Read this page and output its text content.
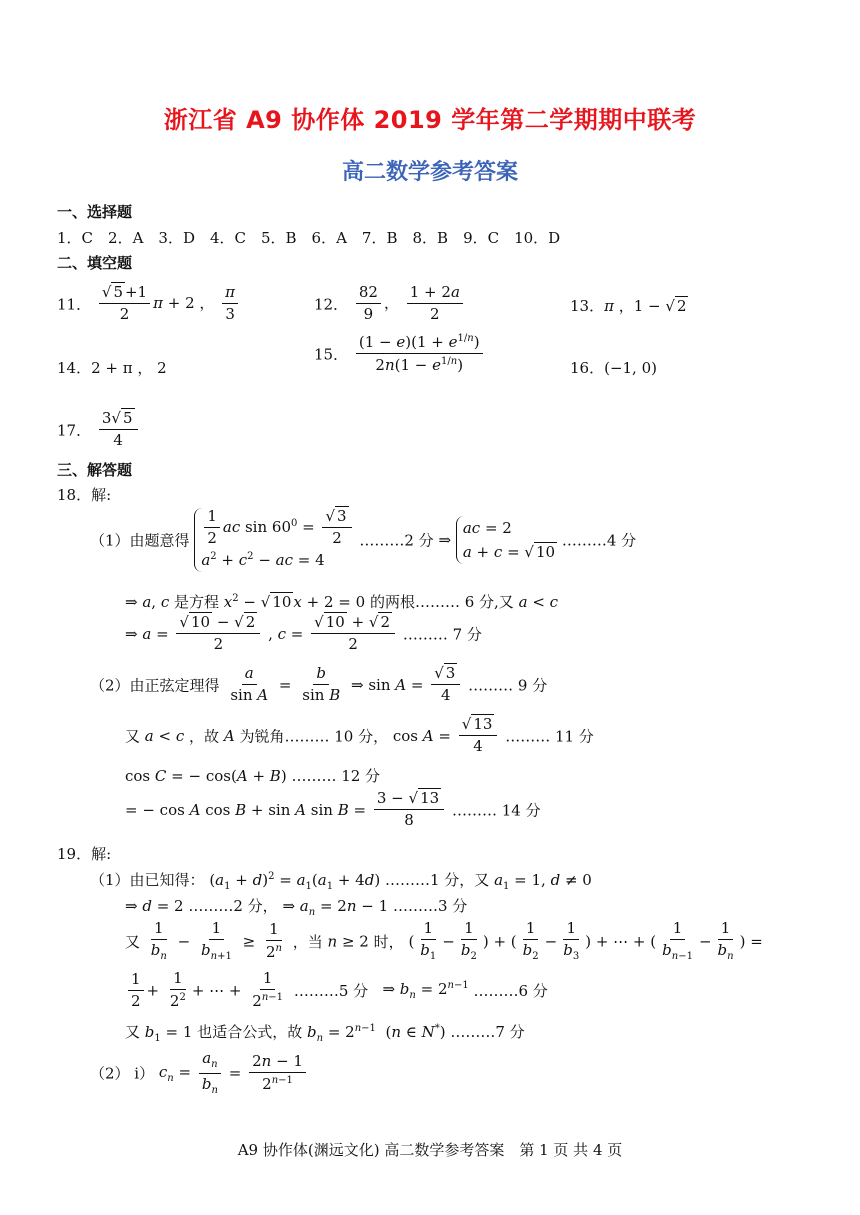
浙江省 A9 协作体 2019 学年第二学期期中联考
高二数学参考答案
一、选择题
1．C　2．A　3．D　4．C　5．B　6．A　7．B　8．B　9．C　10．D
二、填空题
11． $\frac{√ 5 +1}{2}$ π + 2 ， $\frac{\pi}{3}$	12． $\frac{82}{9}$ ， $\frac{1 + 2a}{2}$	13．π ，1 − √ 2
14．2 + π ， 2
15． $\frac{(1 - e)(1 + e^{1/n})}{2n(1 - e^{1/n})}$	16．(−1, 0)
17． $\frac{3√ 5}{4}$
三、解答题
18．解:
（1）由题意得 $\frac{1}{2}$ ac $\sin 60^0 = \frac{√ 3}{2}$

$a^2 + c^2$ − ac = 4 ………2 分 ⇒ ac = 2
a + c = √ 10 ………4 分
⇒ a, c 是方程 $x^2$ − √ 10 x + 2 = 0 的两根……… 6 分,又 a < c
⇒ $a = \frac{√ 10 - √ 2}{2}$ , $c = \frac{√ 10 + √ 2}{2}$ ……… 7 分
（2）由正弦定理得 $\frac{a}{\text{sin A}} = \frac{b}{\text{sin B}}$ ⇒ $\sin A = \frac{√ 3}{4}$ ……… 9 分
又 a < c ，故 A 为锐角……… 10 分， $\cos A = \frac{√ 13}{4}$ ……… 11 分
cos C = − cos(A + B) ……… 12 分
= − cos A cos B + sin A $\sin B = \frac{3 - √ 13}{8}$ ……… 14 分
19．解:
（1）由已知得： $(a_1 + d)^2 = a_1(a_1 + 4d)$ ………1 分，又 $a_1 = 1$, d ≠ 0
⇒ d = 2 ………2 分， ⇒ $a_n = 2n - 1$ ………3 分
又 $\frac{1}{b_n} - \frac{1}{b_{n+1}} \ge \frac{1}{2^n}$ ，当 n ≥ 2 时， ( $\frac{1}{b_1} - \frac{1}{b_2}$ ) + ( $\frac{1}{b_2} - \frac{1}{b_3}$ ) + ⋯ + ( $\frac{1}{b_{n-1}} - \frac{1}{b_n}$ ) =
$\frac{1}{2} + \frac{1}{2^2}$ + ⋯ + $\frac{1}{2^{n-1}}$ ………5 分   ⇒ $b_n = 2^{n-1}$ ………6 分
又 $b_1 = 1$ 也适合公式，故 $b_n = 2^{n-1}$  (n ∈ N*) ………7 分
（2） i） $c_n = \frac{a_n}{b_n} = \frac{2n - 1}{2^{n-1}}$
A9 协作体(渊远文化) 高二数学参考答案　第 1 页 共 4 页
